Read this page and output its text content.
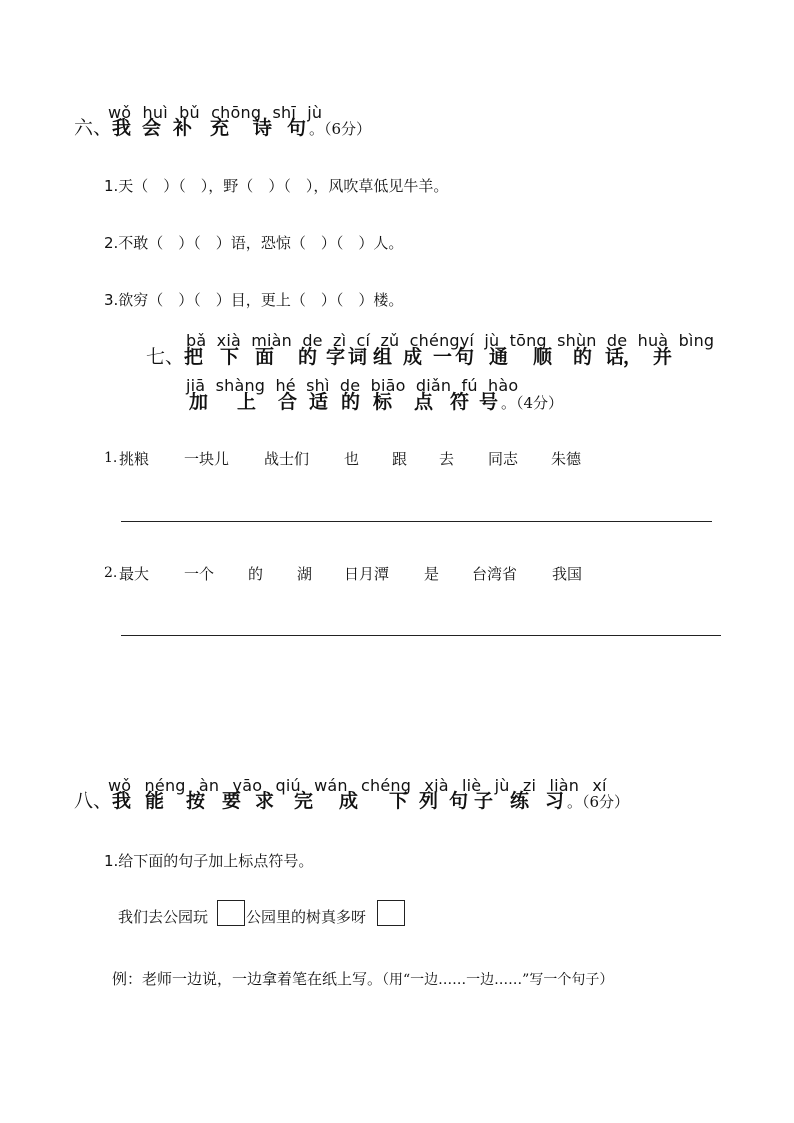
wǒ huì bǔ chōng shī jù
六、 我 会 补 充	诗 句 。（6分）
1.天（　）（　），野（　）（　），风吹草低见牛羊。
2.不敢（　）（　）语，恐惊（　）（　）人。
3.欲穷（　）（　）目，更上（　）（　）楼。
bǎ xià miàn de zì cí zǔ chéngyí jù tōng shùn de huà bìng
七、 把 下 面	的 字 词 组 成 一 句 通	顺	的 话
， 并
jiā shàng hé shì de biāo diǎn fú hào
加	上	合 适 的 标	点 符 号 。（4分）
1. 挑粮 一块儿 战士们 也 跟 去 同志 朱德
2. 最大 一个 的 湖 日月潭 是 台湾省 我国
wǒ néng àn yāo qiú wán chéng xià liè jù zi liàn xí
八、 我 能	按 要 求	完	成	下 列 句 子 练 习 。（6分）
1.给下面的句子加上标点符号。
我们去公园玩	公园里的树真多呀
例：老师一边说，一边拿着笔在纸上写。（用“一边……一边……”写一个句子）
